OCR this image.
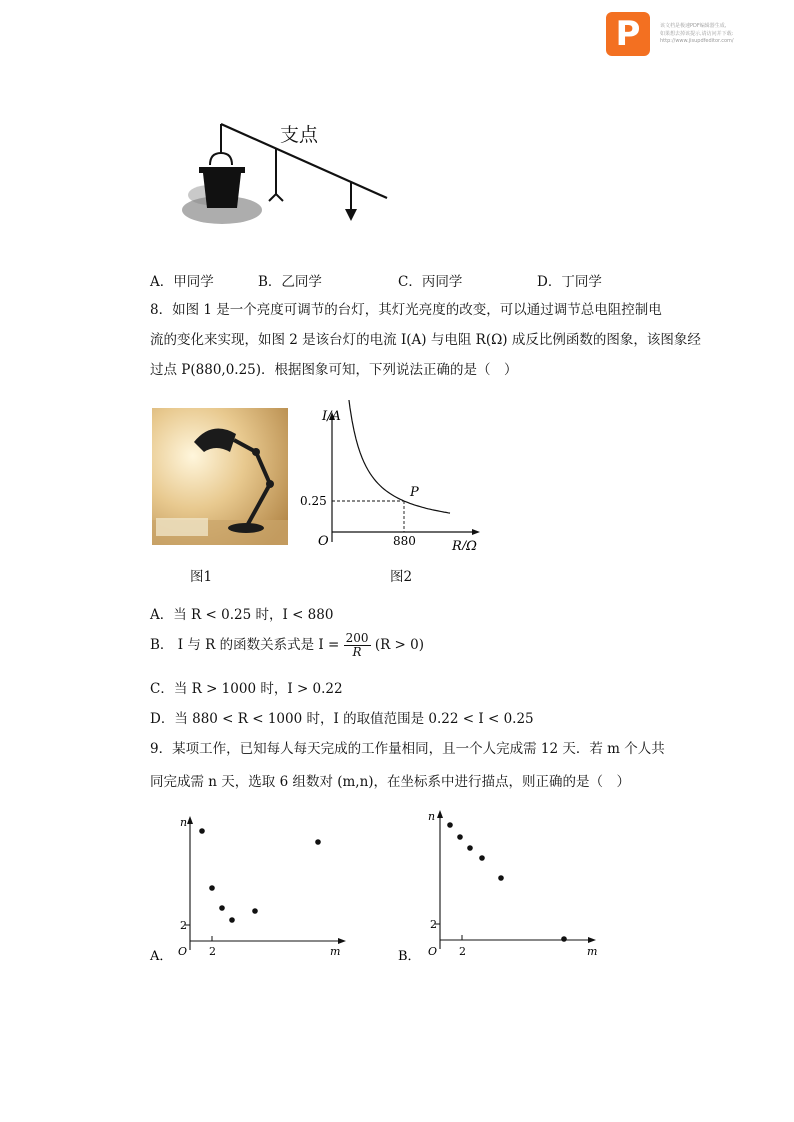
P	该文档是极速PDF编辑器生成,
如果想去掉该提示,请访问并下载:
http://www.jisupdfeditor.com/
支点
A．甲同学	B．乙同学	C．丙同学	D．丁同学
8．如图 1 是一个亮度可调节的台灯，其灯光亮度的改变，可以通过调节总电阻控制电
流的变化来实现，如图 2 是该台灯的电流 I(A) 与电阻 R(Ω) 成反比例函数的图象，该图象经
过点 P(880,0.25)．根据图象可知，下列说法正确的是（　）
图1
I/A
R/Ω
O
0.25
880
P
图2
A．当 R < 0.25 时，I < 880
B． I 与 R 的函数关系式是 $I = \frac{200}{R} (R > 0)$
C．当 R > 1000 时，I > 0.22
D．当 880 < R < 1000 时，I 的取值范围是 0.22 < I < 0.25
9．某项工作，已知每人每天完成的工作量相同，且一个人完成需 12 天．若 m 个人共
同完成需 n 天，选取 6 组数对 (m,n)，在坐标系中进行描点，则正确的是（　）
A．
n
m
O 2
2
B．
n
m
O 2
2
